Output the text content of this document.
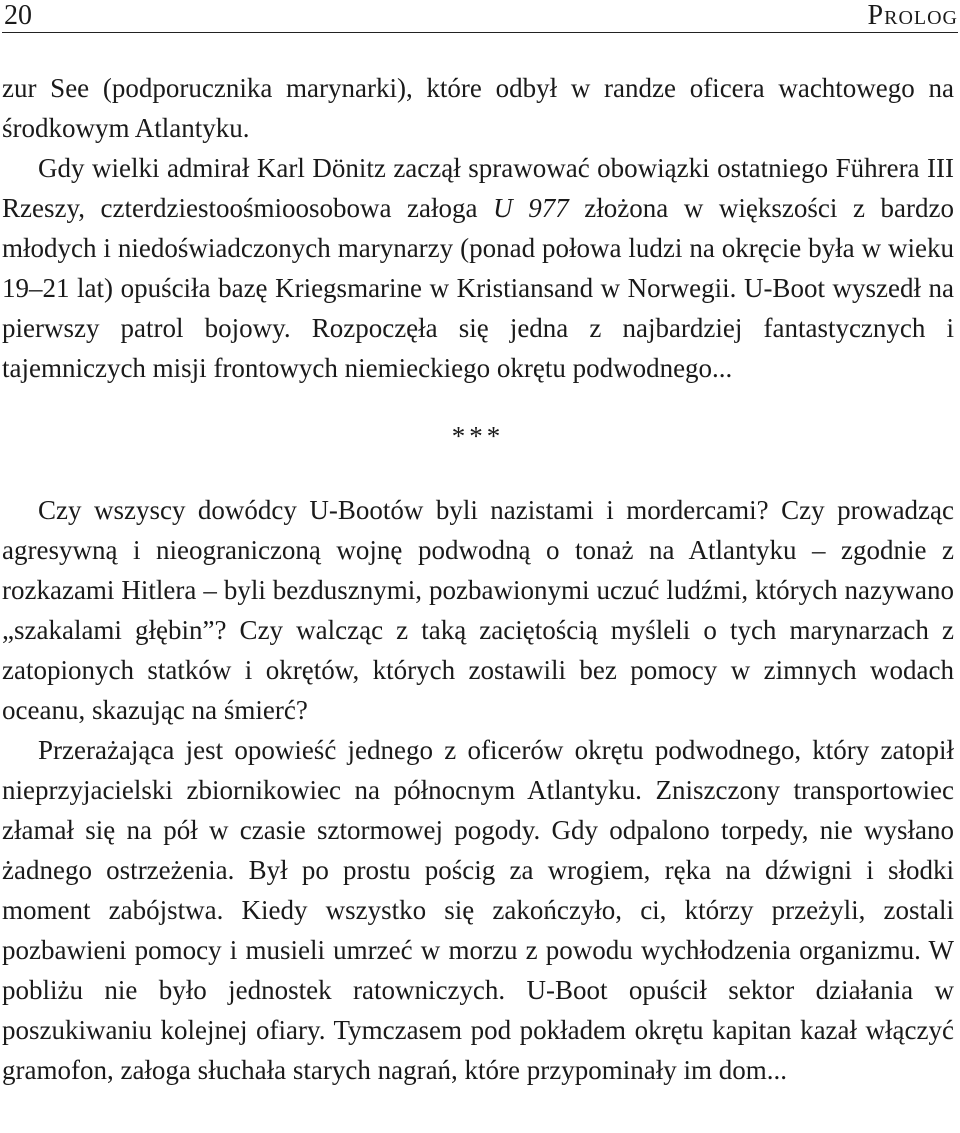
20	Prolog

zur See (podporucznika marynarki), które odbył w randze oficera wachtowego na środkowym Atlantyku.

Gdy wielki admirał Karl Dönitz zaczął sprawować obowiązki ostatniego Führera III Rzeszy, czterdziestoośmioosobowa załoga U 977 złożona w większości z bardzo młodych i niedoświadczonych marynarzy (ponad połowa ludzi na okręcie była w wieku 19–21 lat) opuściła bazę Kriegsmarine w Kristiansand w Norwegii. U-Boot wyszedł na pierwszy patrol bojowy. Rozpoczęła się jedna z najbardziej fantastycznych i tajemniczych misji frontowych niemieckiego okrętu podwodnego...

***

Czy wszyscy dowódcy U-Bootów byli nazistami i mordercami? Czy prowadząc agresywną i nieograniczoną wojnę podwodną o tonaż na Atlantyku – zgodnie z rozkazami Hitlera – byli bezdusznymi, pozbawionymi uczuć ludźmi, których nazywano „szakalami głębin”? Czy walcząc z taką zaciętością myśleli o tych marynarzach z zatopionych statków i okrętów, których zostawili bez pomocy w zimnych wodach oceanu, skazując na śmierć?

Przerażająca jest opowieść jednego z oficerów okrętu podwodnego, który zatopił nieprzyjacielski zbiornikowiec na północnym Atlantyku. Zniszczony transportowiec złamał się na pół w czasie sztormowej pogody. Gdy odpalono torpedy, nie wysłano żadnego ostrzeżenia. Był po prostu pościg za wrogiem, ręka na dźwigni i słodki moment zabójstwa. Kiedy wszystko się zakończyło, ci, którzy przeżyli, zostali pozbawieni pomocy i musieli umrzeć w morzu z powodu wychłodzenia organizmu. W pobliżu nie było jednostek ratowniczych. U-Boot opuścił sektor działania w poszukiwaniu kolejnej ofiary. Tymczasem pod pokładem okrętu kapitan kazał włączyć gramofon, załoga słuchała starych nagrań, które przypominały im dom...
